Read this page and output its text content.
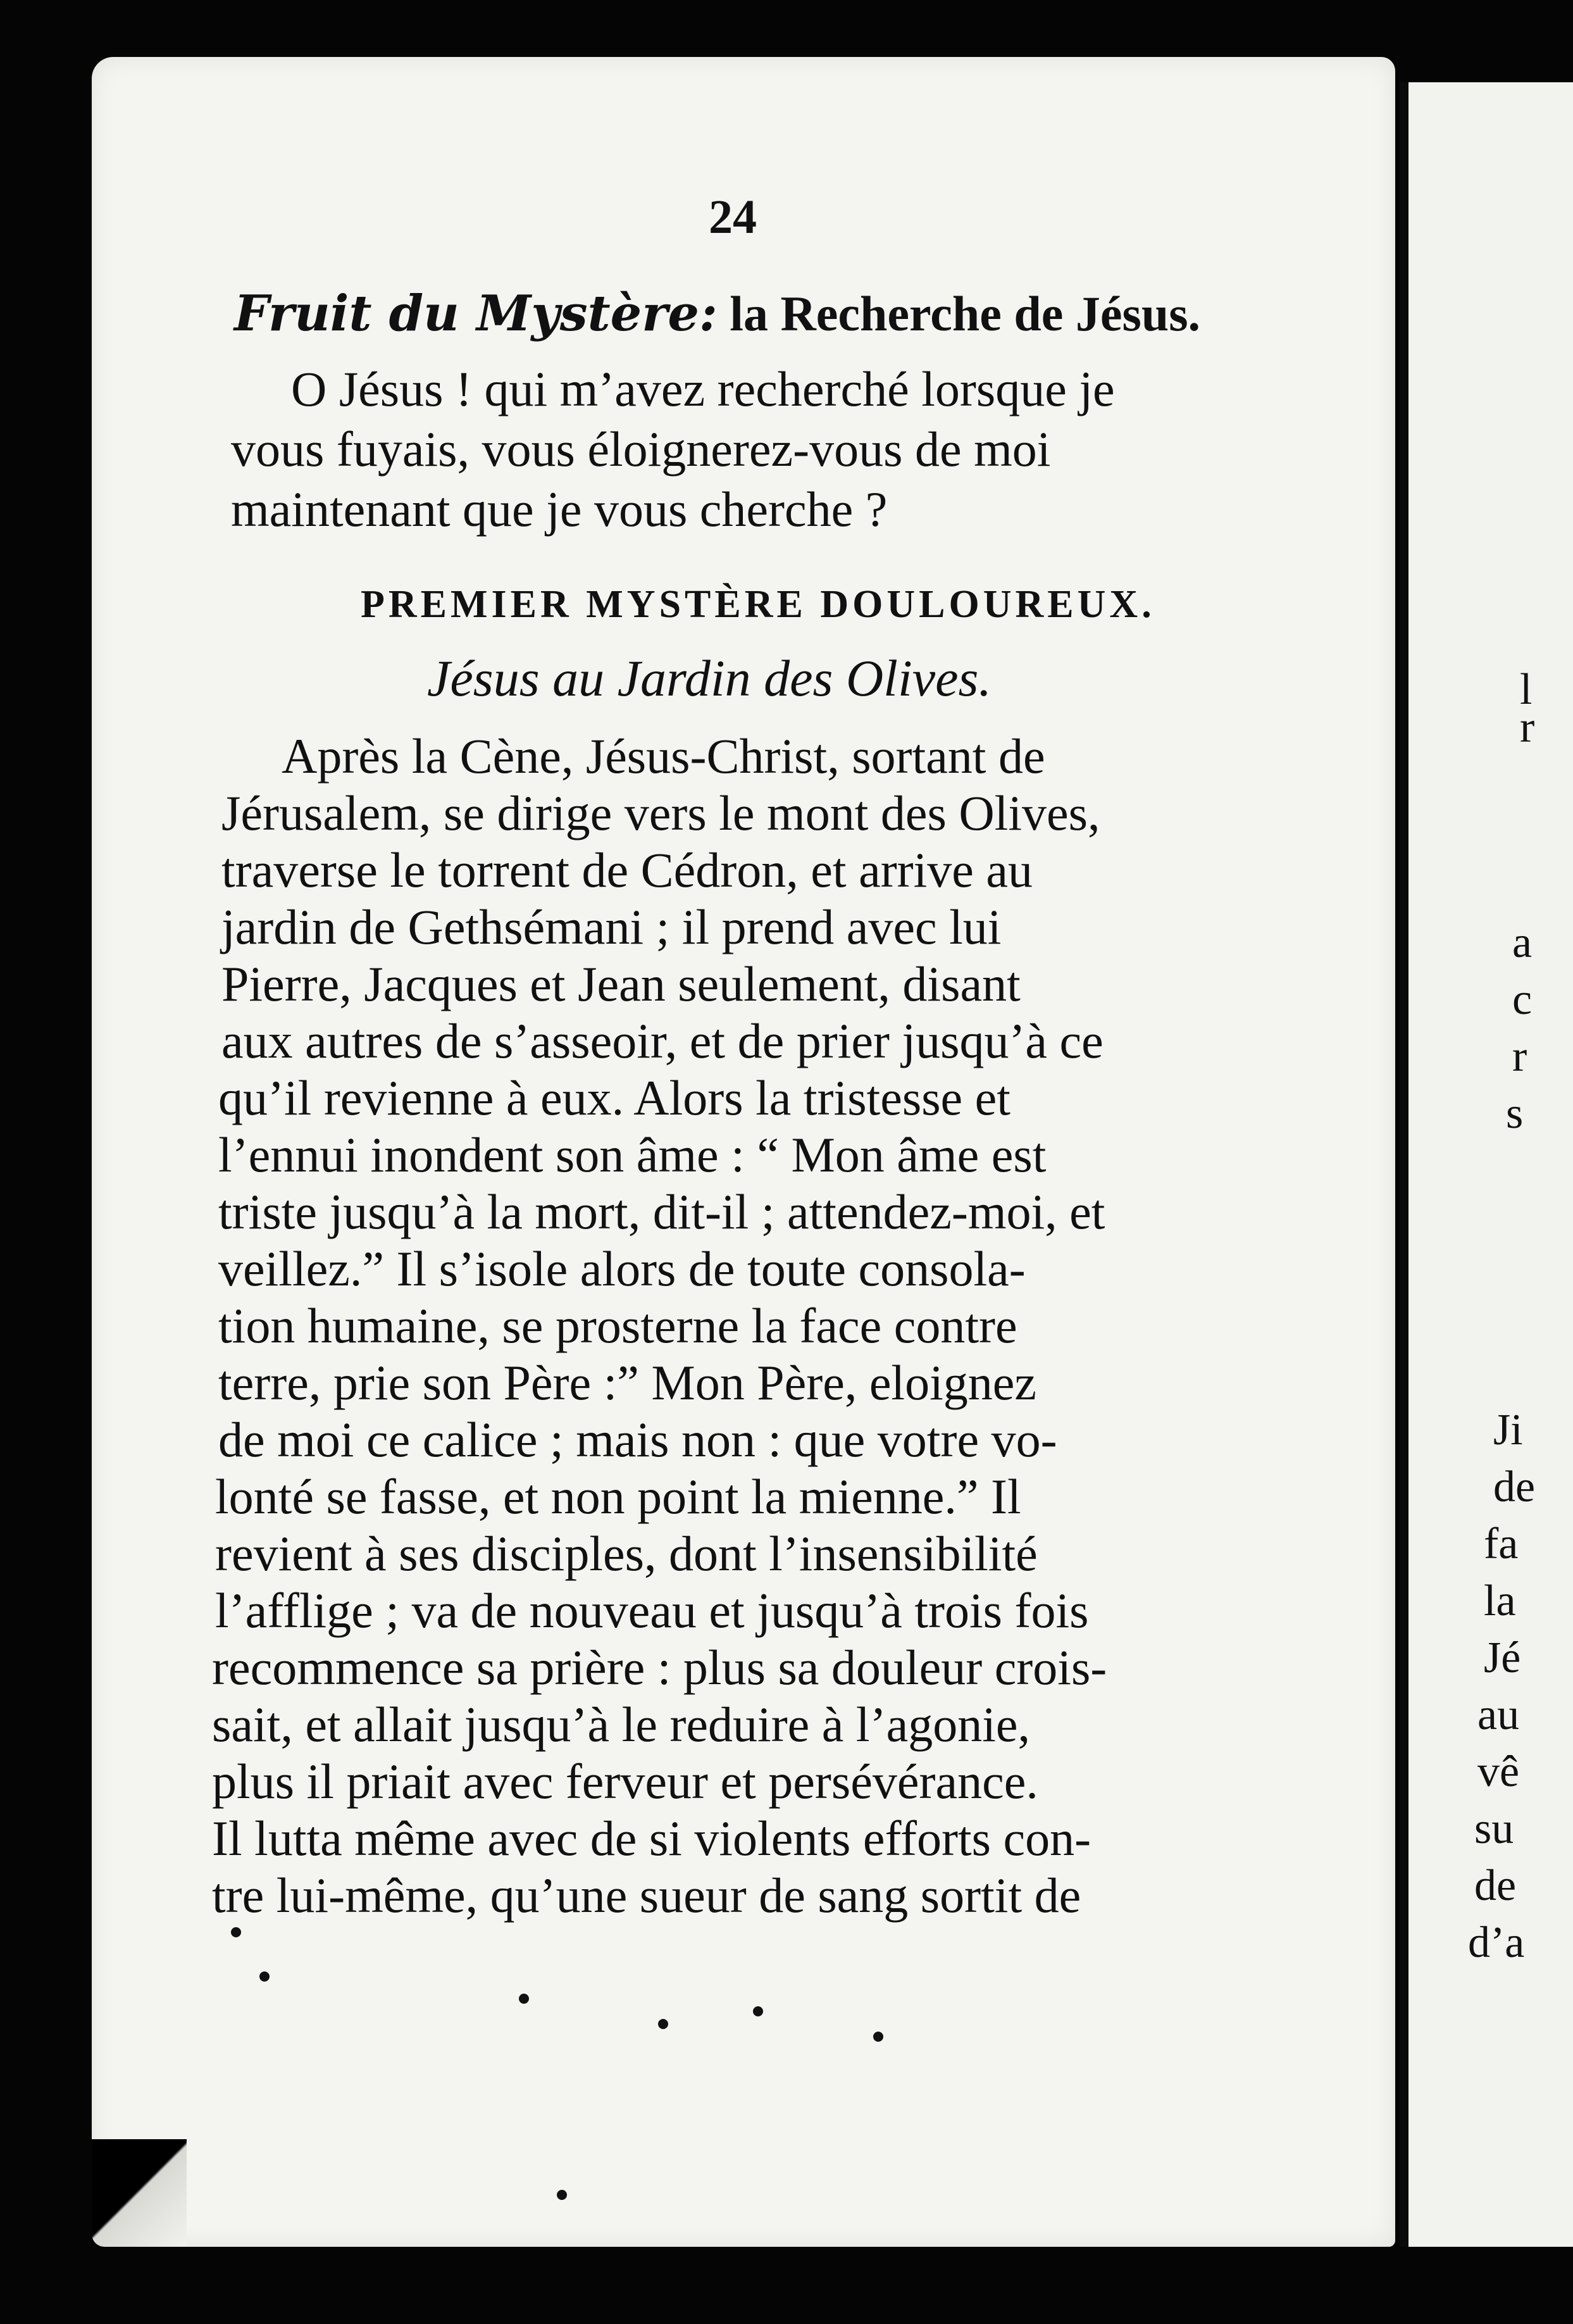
24
Fruit du Mystère: la Recherche de Jésus.
O Jésus ! qui m’avez recherché lorsque je
vous fuyais, vous éloignerez-vous de moi
maintenant que je vous cherche ?
PREMIER MYSTÈRE DOULOUREUX.
Jésus au Jardin des Olives.
Après la Cène, Jésus-Christ, sortant de
Jérusalem, se dirige vers le mont des Olives,
traverse le torrent de Cédron, et arrive au
jardin de Gethsémani ; il prend avec lui
Pierre, Jacques et Jean seulement, disant
aux autres de s’asseoir, et de prier jusqu’à ce
qu’il revienne à eux. Alors la tristesse et
l’ennui inondent son âme : “ Mon âme est
triste jusqu’à la mort, dit-il ; attendez-moi, et
veillez.” Il s’isole alors de toute consola-
tion humaine, se prosterne la face contre
terre, prie son Père :” Mon Père, eloignez
de moi ce calice ; mais non : que votre vo-
lonté se fasse, et non point la mienne.” Il
revient à ses disciples, dont l’insensibilité
l’afflige ; va de nouveau et jusqu’à trois fois
recommence sa prière : plus sa douleur crois-
sait, et allait jusqu’à le reduire à l’agonie,
plus il priait avec ferveur et persévérance.
Il lutta même avec de si violents efforts con-
tre lui-même, qu’une sueur de sang sortit de
l
r
a
c
r
s
Ji
de
fa
la
Jé
au
vê
su
de
d’a
